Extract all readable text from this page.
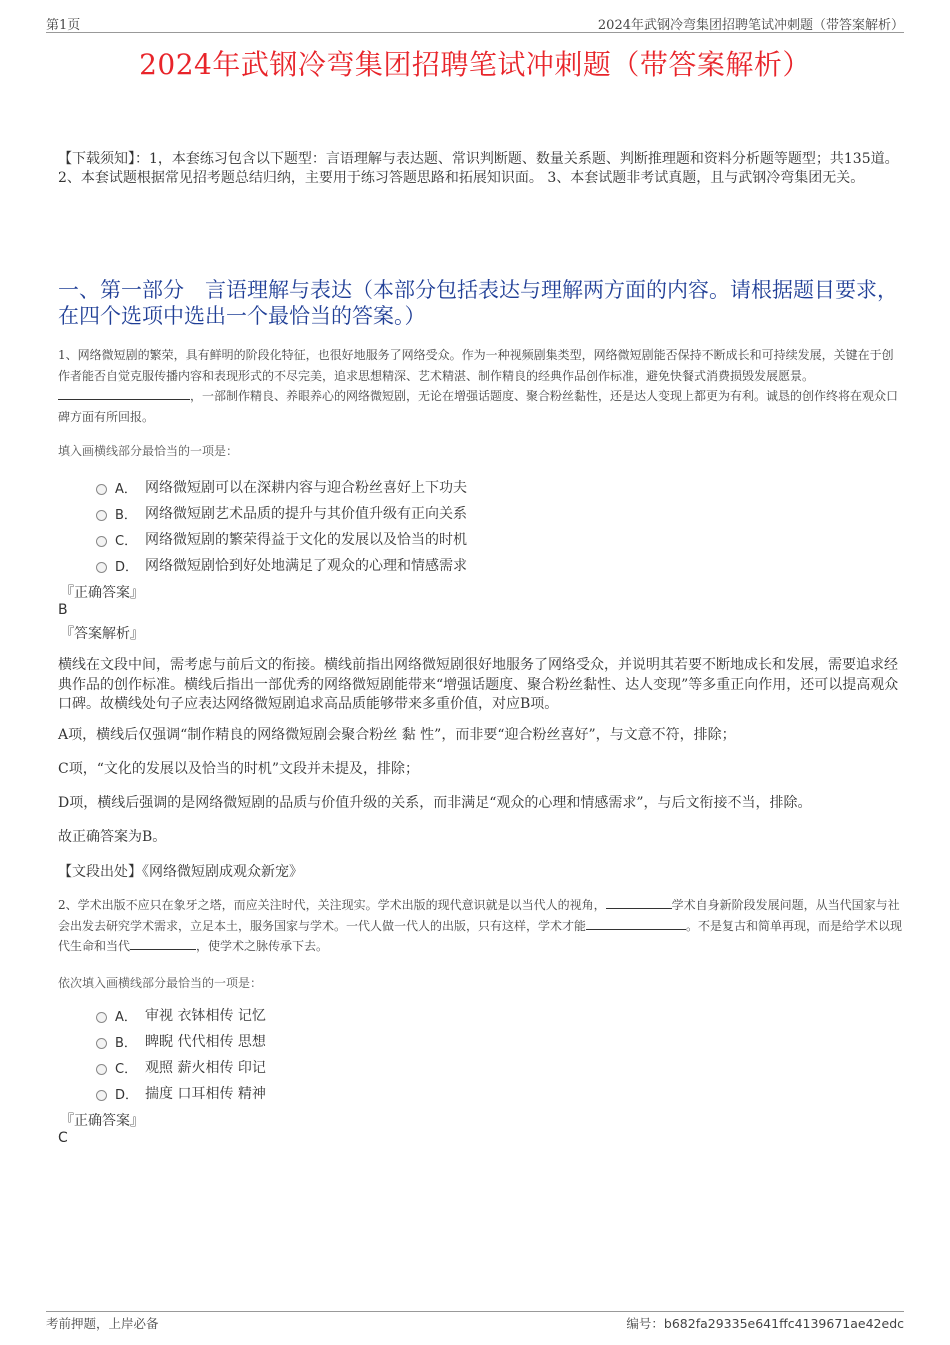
第1页	2024年武钢冷弯集团招聘笔试冲刺题（带答案解析）
2024年武钢冷弯集团招聘笔试冲刺题（带答案解析）
【下载须知】：1，本套练习包含以下题型：言语理解与表达题、常识判断题、数量关系题、判断推理题和资料分析题等题型；共135道。 2、本套试题根据常见招考题总结归纳，主要用于练习答题思路和拓展知识面。 3、本套试题非考试真题，且与武钢冷弯集团无关。
一、第一部分　言语理解与表达（本部分包括表达与理解两方面的内容。请根据题目要求，在四个选项中选出一个最恰当的答案。）
1、网络微短剧的繁荣，具有鲜明的阶段化特征，也很好地服务了网络受众。作为一种视频剧集类型，网络微短剧能否保持不断成长和可持续发展，关键在于创作者能否自觉克服传播内容和表现形式的不尽完美，追求思想精深、艺术精湛、制作精良的经典作品创作标准，避免快餐式消费损毁发展愿景。，一部制作精良、养眼养心的网络微短剧，无论在增强话题度、聚合粉丝黏性，还是达人变现上都更为有利。诚恳的创作终将在观众口碑方面有所回报。
填入画横线部分最恰当的一项是：
A． 网络微短剧可以在深耕内容与迎合粉丝喜好上下功夫
B． 网络微短剧艺术品质的提升与其价值升级有正向关系
C． 网络微短剧的繁荣得益于文化的发展以及恰当的时机
D． 网络微短剧恰到好处地满足了观众的心理和情感需求
『正确答案』
B
『答案解析』
横线在文段中间，需考虑与前后文的衔接。横线前指出网络微短剧很好地服务了网络受众，并说明其若要不断地成长和发展，需要追求经典作品的创作标准。横线后指出一部优秀的网络微短剧能带来“增强话题度、聚合粉丝黏性、达人变现”等多重正向作用，还可以提高观众口碑。故横线处句子应表达网络微短剧追求高品质能够带来多重价值，对应B项。
A项，横线后仅强调“制作精良的网络微短剧会聚合粉丝 黏 性”，而非要“迎合粉丝喜好”，与文意不符，排除；
C项，“文化的发展以及恰当的时机”文段并未提及，排除；
D项，横线后强调的是网络微短剧的品质与价值升级的关系，而非满足“观众的心理和情感需求”，与后文衔接不当，排除。
故正确答案为B。
【文段出处】《网络微短剧成观众新宠》
2、学术出版不应只在象牙之塔，而应关注时代，关注现实。学术出版的现代意识就是以当代人的视角，	学术自身新阶段发展问题，从当代国家与社会出发去研究学术需求，立足本土，服务国家与学术。一代人做一代人的出版，只有这样，学术才能	。不是复古和简单再现，而是给学术以现代生命和当代	，使学术之脉传承下去。
依次填入画横线部分最恰当的一项是：
A． 审视 衣钵相传 记忆
B． 睥睨 代代相传 思想
C． 观照 薪火相传 印记
D． 揣度 口耳相传 精神
『正确答案』
C
考前押题，上岸必备	编号：b682fa29335e641ffc4139671ae42edc
